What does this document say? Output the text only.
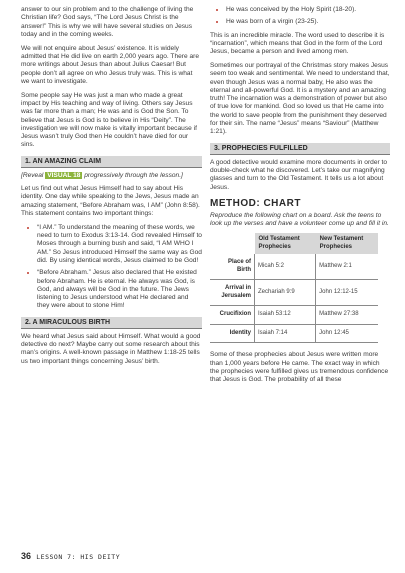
answer to our sin problem and to the challenge of living the Christian life? God says, “The Lord Jesus Christ is the answer!” This is why we will have several studies on Jesus today and in the coming weeks.

We will not enquire about Jesus’ existence. It is widely admitted that He did live on earth 2,000 years ago. There are more writings about Jesus than about Julius Caesar! But people don’t all agree on who Jesus truly was. This is what we want to investigate.

Some people say He was just a man who made a great impact by His teaching and way of living. Others say Jesus was far more than a man; He was and is God the Son. To believe that Jesus is God is to believe in His “Deity”. The investigation we will now make is vitally important because if Jesus wasn’t truly God then He couldn’t have died for our sins.

1. AN AMAZING CLAIM

[Reveal VISUAL 18 progressively through the lesson.]

Let us find out what Jesus Himself had to say about His identity. One day while speaking to the Jews, Jesus made an amazing statement, “Before Abraham was, I AM” (John 8:58). This statement contains two important things:

• “I AM.” To understand the meaning of these words, we need to turn to Exodus 3:13-14. God revealed Himself to Moses through a burning bush and said, “I AM WHO I AM.” So Jesus introduced Himself the same way as God did. By using identical words, Jesus claimed to be God!
• “Before Abraham.” Jesus also declared that He existed before Abraham. He is eternal. He always was God, is God, and always will be God in the future. The Jews listening to Jesus understood what He declared and they were about to stone Him!
2. A MIRACULOUS BIRTH

We heard what Jesus said about Himself. What would a good detective do next? Maybe carry out some research about this man’s origins. A well-known passage in Matthew 1:18-25 tells us two important things concerning Jesus’ birth.

• He was conceived by the Holy Spirit (18-20).
• He was born of a virgin (23-25).

This is an incredible miracle. The word used to describe it is “incarnation”, which means that God in the form of the Lord Jesus, became a person and lived among men.

Sometimes our portrayal of the Christmas story makes Jesus seem too weak and sentimental. We need to understand that, even though Jesus was a normal baby, He also was the eternal and all-powerful God. It is a mystery and an amazing truth! The incarnation was a demonstration of power but also of true love for mankind. God so loved us that He came into the world to save people from the punishment they deserved for their sin. The name “Jesus” means “Saviour” (Matthew 1:21).

3. PROPHECIES FULFILLED

A good detective would examine more documents in order to double-check what he discovered. Let’s take our magnifying glasses and turn to the Old Testament. It tells us a lot about Jesus.

METHOD: CHART

Reproduce the following chart on a board. Ask the teens to look up the verses and have a volunteer come up and fill it in.

	Old Testament Prophecies	New Testament Prophecies
Place of Birth	Micah 5:2	Matthew 2:1
Arrival in Jerusalem	Zechariah 9:9	John 12:12-15
Crucifixion	Isaiah 53:12	Matthew 27:38
Identity	Isaiah 7:14	John 12:45

Some of these prophecies about Jesus were written more than 1,000 years before He came. The exact way in which the prophecies were fulfilled gives us tremendous confidence that Jesus is God. The probability of all these

36 LESSON 7: HIS DEITY
